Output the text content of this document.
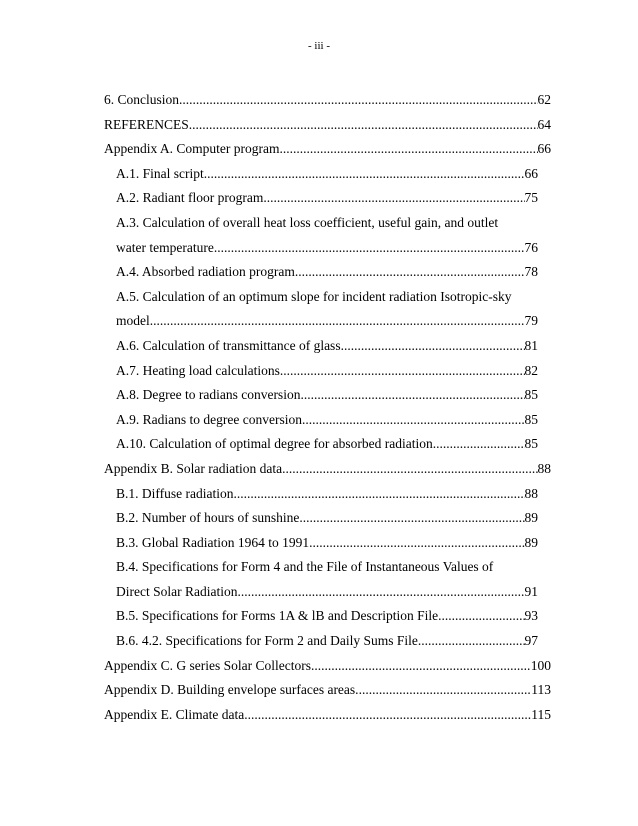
- iii -
6. Conclusion .....	62
REFERENCES .....	64
Appendix A. Computer program .....	66
A.1. Final script .....	66
A.2. Radiant floor program .....	75
A.3. Calculation of overall heat loss coefficient, useful gain, and outlet
water temperature .....	76
A.4. Absorbed radiation program. .....	78
A.5. Calculation of an optimum slope for incident radiation Isotropic-sky
model. .....	79
A.6. Calculation of transmittance of glass. .....	81
A.7. Heating load calculations .....	82
A.8. Degree to radians conversion .....	85
A.9. Radians to degree conversion .....	85
A.10. Calculation of optimal degree for absorbed radiation. .....	85
Appendix B. Solar radiation data .....	88
B.1. Diffuse radiation .....	88
B.2. Number of hours of sunshine .....	89
B.3. Global Radiation 1964 to 1991 .....	89
B.4. Specifications for Form 4 and the File of Instantaneous Values of
Direct Solar Radiation .....	91
B.5. Specifications for Forms 1A & lB and Description File .....	93
B.6. 4.2. Specifications for Form 2 and Daily Sums File .....	97
Appendix C. G series Solar Collectors .....	100
Appendix D. Building envelope surfaces areas. .....	113
Appendix E. Climate data .....	115
